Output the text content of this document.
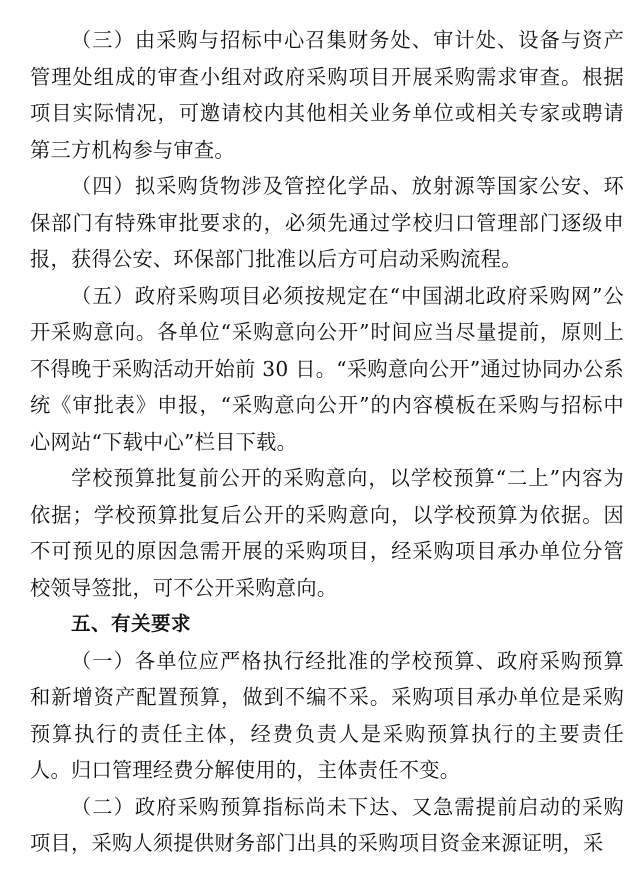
（三）由采购与招标中心召集财务处、审计处、设备与资产管理处组成的审查小组对政府采购项目开展采购需求审查。根据项目实际情况，可邀请校内其他相关业务单位或相关专家或聘请第三方机构参与审查。

（四）拟采购货物涉及管控化学品、放射源等国家公安、环保部门有特殊审批要求的，必须先通过学校归口管理部门逐级申报，获得公安、环保部门批准以后方可启动采购流程。

（五）政府采购项目必须按规定在“中国湖北政府采购网”公开采购意向。各单位“采购意向公开”时间应当尽量提前，原则上不得晚于采购活动开始前 30 日。“采购意向公开”通过协同办公系统《审批表》申报，“采购意向公开”的内容模板在采购与招标中心网站“下载中心”栏目下载。

学校预算批复前公开的采购意向，以学校预算“二上”内容为依据；学校预算批复后公开的采购意向，以学校预算为依据。因不可预见的原因急需开展的采购项目，经采购项目承办单位分管校领导签批，可不公开采购意向。

五、有关要求

（一）各单位应严格执行经批准的学校预算、政府采购预算和新增资产配置预算，做到不编不采。采购项目承办单位是采购预算执行的责任主体，经费负责人是采购预算执行的主要责任人。归口管理经费分解使用的，主体责任不变。

（二）政府采购预算指标尚未下达、又急需提前启动的采购项目，采购人须提供财务部门出具的采购项目资金来源证明，采
